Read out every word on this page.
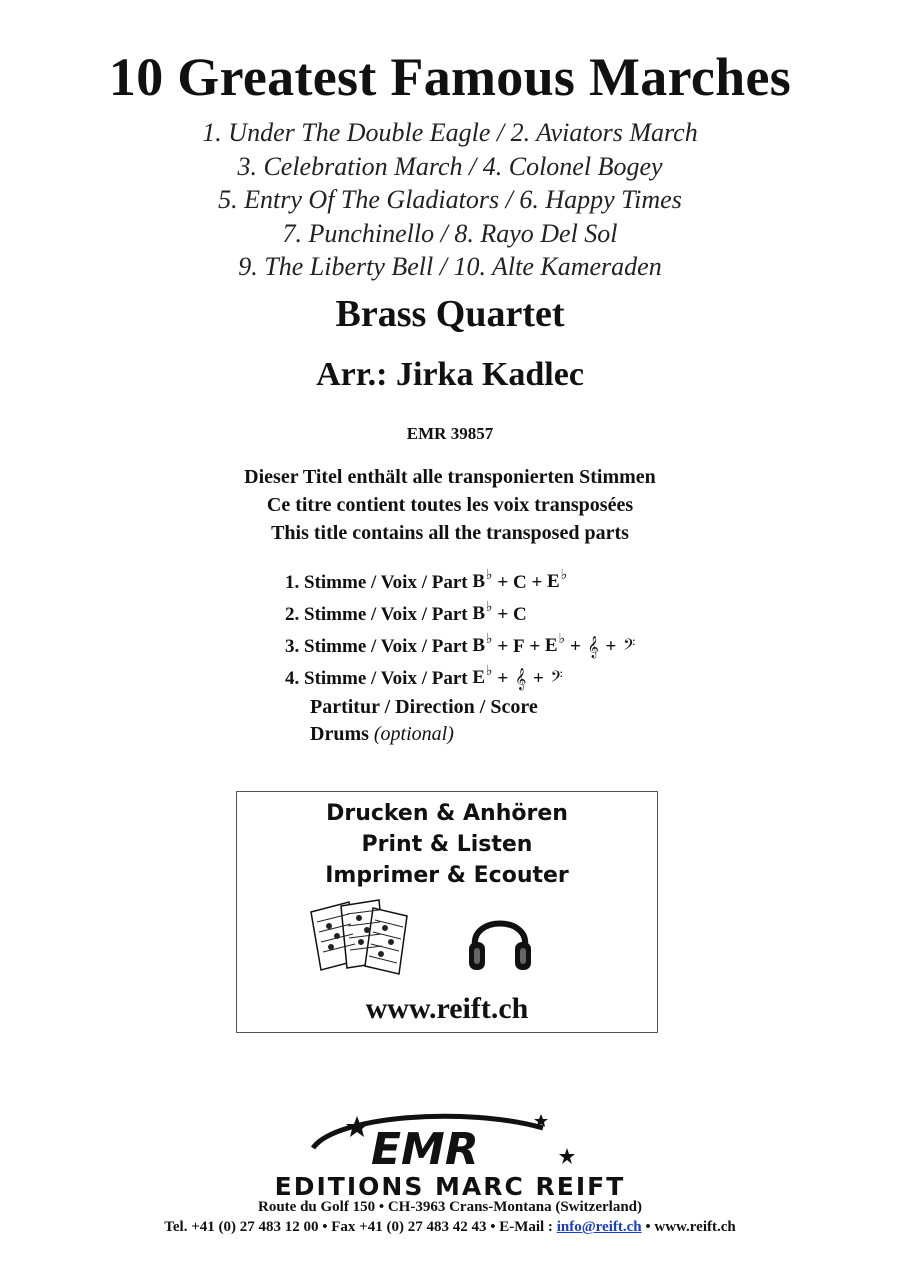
10 Greatest Famous Marches
1. Under The Double Eagle / 2. Aviators March
3. Celebration March / 4. Colonel Bogey
5. Entry Of The Gladiators / 6. Happy Times
7. Punchinello / 8. Rayo Del Sol
9. The Liberty Bell / 10. Alte Kameraden
Brass Quartet
Arr.: Jirka Kadlec
EMR 39857
Dieser Titel enthält alle transponierten Stimmen
Ce titre contient toutes les voix transposées
This title contains all the transposed parts
1. Stimme / Voix / Part B♭
+
C
+
E♭

2. Stimme / Voix / Part B♭
+
C

3. Stimme / Voix / Part B♭
+
F
+
E♭
+
𝄞
+
𝄢

4. Stimme / Voix / Part E♭
+
𝄞
+
𝄢

Partitur / Direction / Score
Drums (optional)
Drucken & Anhören
Print & Listen
Imprimer & Ecouter
www.reift.ch
EMR
EDITIONS MARC REIFT
Route du Golf 150 • CH-3963 Crans-Montana (Switzerland)
Tel. +41 (0) 27 483 12 00 • Fax +41 (0) 27 483 42 43 • E-Mail : info@reift.ch • www.reift.ch
